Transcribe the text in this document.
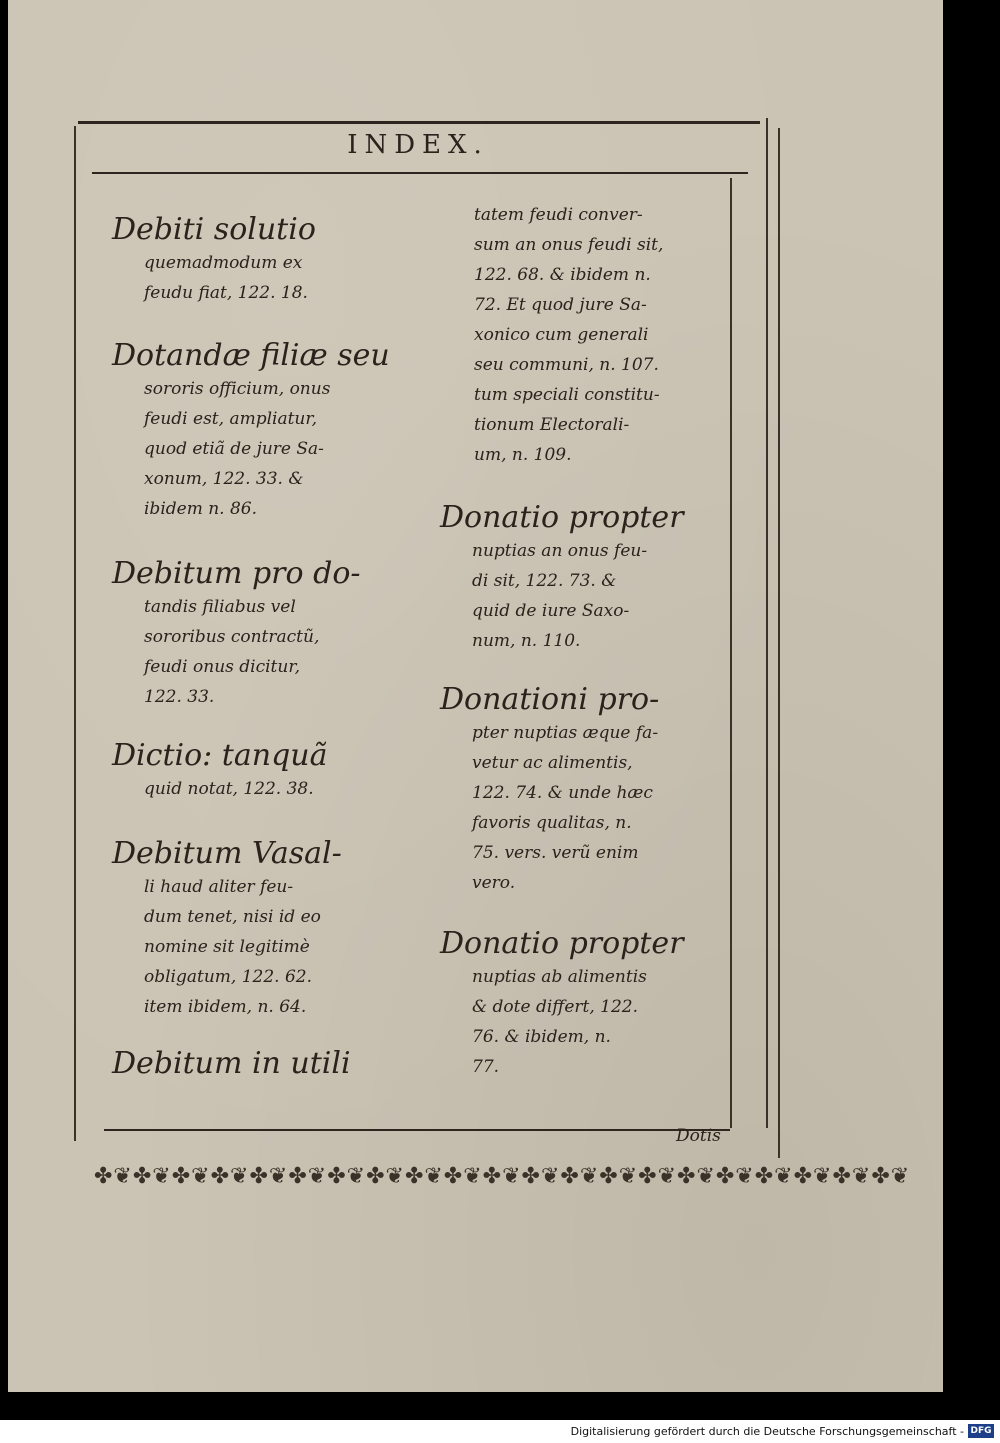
INDEX.
Debiti solutio
quemadmodum ex
feudu fiat, 122. 18.
Dotandæ filiæ seu
sororis officium, onus
feudi est, ampliatur,
quod etiã de jure Sa-
xonum, 122. 33. &
ibidem n. 86.
Debitum pro do-
tandis filiabus vel
sororibus contractũ,
feudi onus dicitur,
122. 33.
Dictio: tanquã
quid notat, 122. 38.
Debitum Vasal-
li haud aliter feu-
dum tenet, nisi id eo
nomine sit legitimè
obligatum, 122. 62.
item ibidem, n. 64.
Debitum in utili
tatem feudi conver-
sum an onus feudi sit,
122. 68. & ibidem n.
72. Et quod jure Sa-
xonico cum generali
seu communi, n. 107.
tum speciali constitu-
tionum Electorali-
um, n. 109.
Donatio propter
nuptias an onus feu-
di sit, 122. 73. &
quid de iure Saxo-
num, n. 110.
Donationi pro-
pter nuptias æque fa-
vetur ac alimentis,
122. 74. & unde hæc
favoris qualitas, n.
75. vers. verũ enim
vero.
Donatio propter
nuptias ab alimentis
& dote differt, 122.
76. & ibidem, n.
77.
Dotis
✤❦✤❦✤❦✤❦✤❦✤❦✤❦✤❦✤❦✤❦✤❦✤❦✤❦✤❦✤❦✤❦✤❦✤❦✤❦✤❦✤❦
Digitalisierung gefördert durch die Deutsche Forschungsgemeinschaft - DFG
